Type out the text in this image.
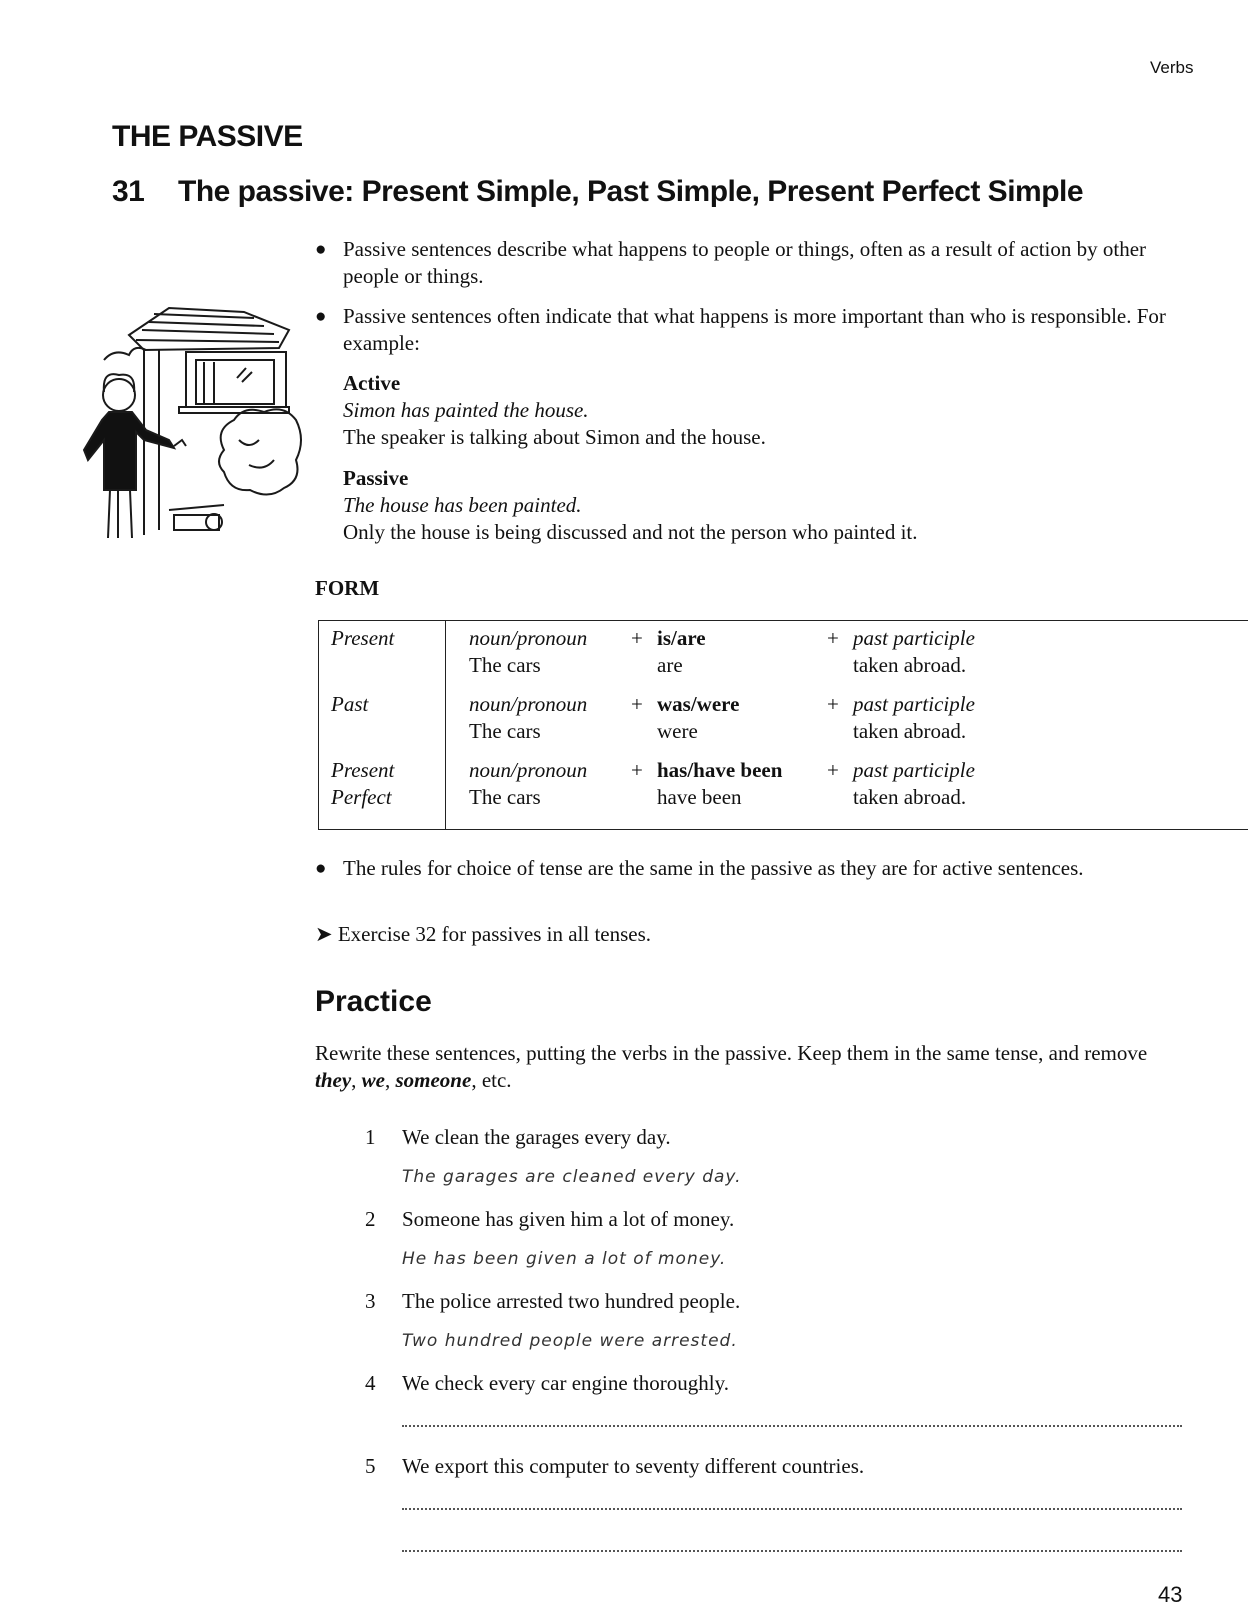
Verbs
THE PASSIVE
31 The passive: Present Simple, Past Simple, Present Perfect Simple
● Passive sentences describe what happens to people or things, often as a result of action by other people or things.
● Passive sentences often indicate that what happens is more important than who is responsible. For example:
Active
Simon has painted the house.
The speaker is talking about Simon and the house.
Passive
The house has been painted.
Only the house is being discussed and not the person who painted it.
FORM
Present	noun/pronoun + is/are	+ past participle
The cars	are	taken abroad.
Past	noun/pronoun + was/were	+ past participle
The cars	were	taken abroad.
Present
Perfect
noun/pronoun + has/have been + past participle
The cars	have been	taken abroad.
● The rules for choice of tense are the same in the passive as they are for active sentences.
➤ Exercise 32 for passives in all tenses.
Practice
Rewrite these sentences, putting the verbs in the passive. Keep them in the same tense, and remove they, we, someone, etc.
1 We clean the garages every day.
The garages are cleaned every day.
2 Someone has given him a lot of money.
He has been given a lot of money.
3 The police arrested two hundred people.
Two hundred people were arrested.
4 We check every car engine thoroughly.
5 We export this computer to seventy different countries.
43
